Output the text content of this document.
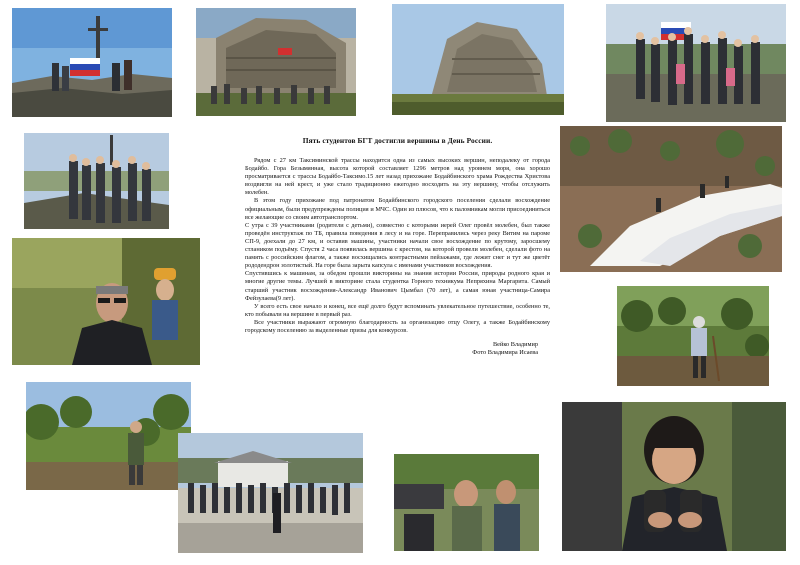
Пять студентов БГТ достигли вершины в День России.

Рядом с 27 км Таксиминской трассы находится одна из самых высоких вершин, неподалеку от города Бодайбо. Гора Безымянная, высота которой составляет 1296 метров над уровнем моря, она хорошо просматривается с трассы Бодайбо-Таксимо.15 лет назад прихожане Бодайбинского храма Рождества Христова воздвигли на ней крест, и уже стало традиционно ежегодно восходить на эту вершину, чтобы отслужить молебен.

В этом году прихожане под патронатом Бодайбинского городского поселения сделали восхождение официальным, были предупреждены полиция и МЧС. Один из плюсов, что к паломникам могли присоединиться все желающие со своим автотранспортом.

С утра с 39 участниками (родители с детьми), совместно с которыми иерей Олег провёл молебен, был также проведён инструктаж по ТБ, правила поведения в лесу и на горе. Переправились через реку Витим на пароме СП-9, доехали до 27 км, и оставив машины, участники начали свое восхождение по крутому, заросшему стлаником подъёму. Спустя 2 часа появилась вершина с крестом, на которой провели молебен, сделали фото на память с российским флагом, а также восхищались контрастными пейзажами, где лежит снег и тут же цветёт рододендрон золотистый. На горе была зарыта капсула с именами участников восхождения.

Спустившись к машинам, за обедом прошли викторины на знания истории России, природы родного края и многие другие темы. Лучшей в викторине стала студентка Горного техникума Непряхина Маргарита. Самый старший участник восхождения-Александр Иванович Цымбал (70 лет), а самая юная участница-Самира Фейзулаева(9 лет).

У всего есть свое начало и конец, все ещё долго будут вспоминать увлекательное путешествие, особенно те, кто побывали на вершине в первый раз.

Все участники выражают огромную благодарность за организацию отцу Олегу, а также Бодайбинскому городскому поселению за выделенные призы для конкурсов.

Вейко Владимир
Фото Владимира Исаева
